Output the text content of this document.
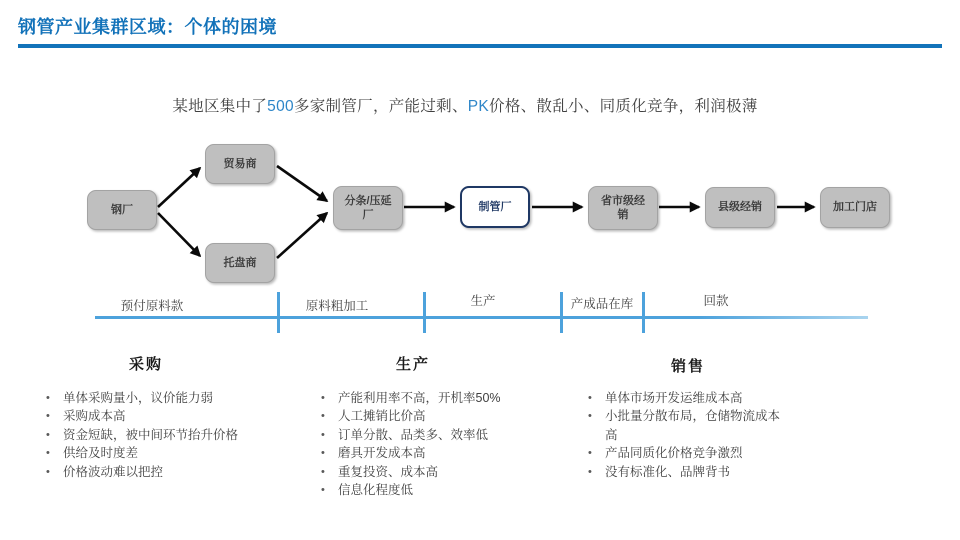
钢管产业集群区域：个体的困境
某地区集中了500多家制管厂，产能过剩、PK价格、散乱小、同质化竞争，利润极薄
钢厂
贸易商
托盘商
分条/压延厂
制管厂
省市级经销
县级经销	加工门店
预付原料款	原料粗加工	生产	产成品在库	回款
采购	生产	销售
•	单体采购量小，议价能力弱
•	采购成本高
•	资金短缺，被中间环节抬升价格
•	供给及时度差
•	价格波动难以把控
•	产能利用率不高，开机率50%
•	人工摊销比价高
•	订单分散、品类多、效率低
•	磨具开发成本高
•	重复投资、成本高
•	信息化程度低
•	单体市场开发运维成本高
•	小批量分散布局，仓储物流成本高
•	产品同质化价格竞争激烈
•	没有标准化、品牌背书
